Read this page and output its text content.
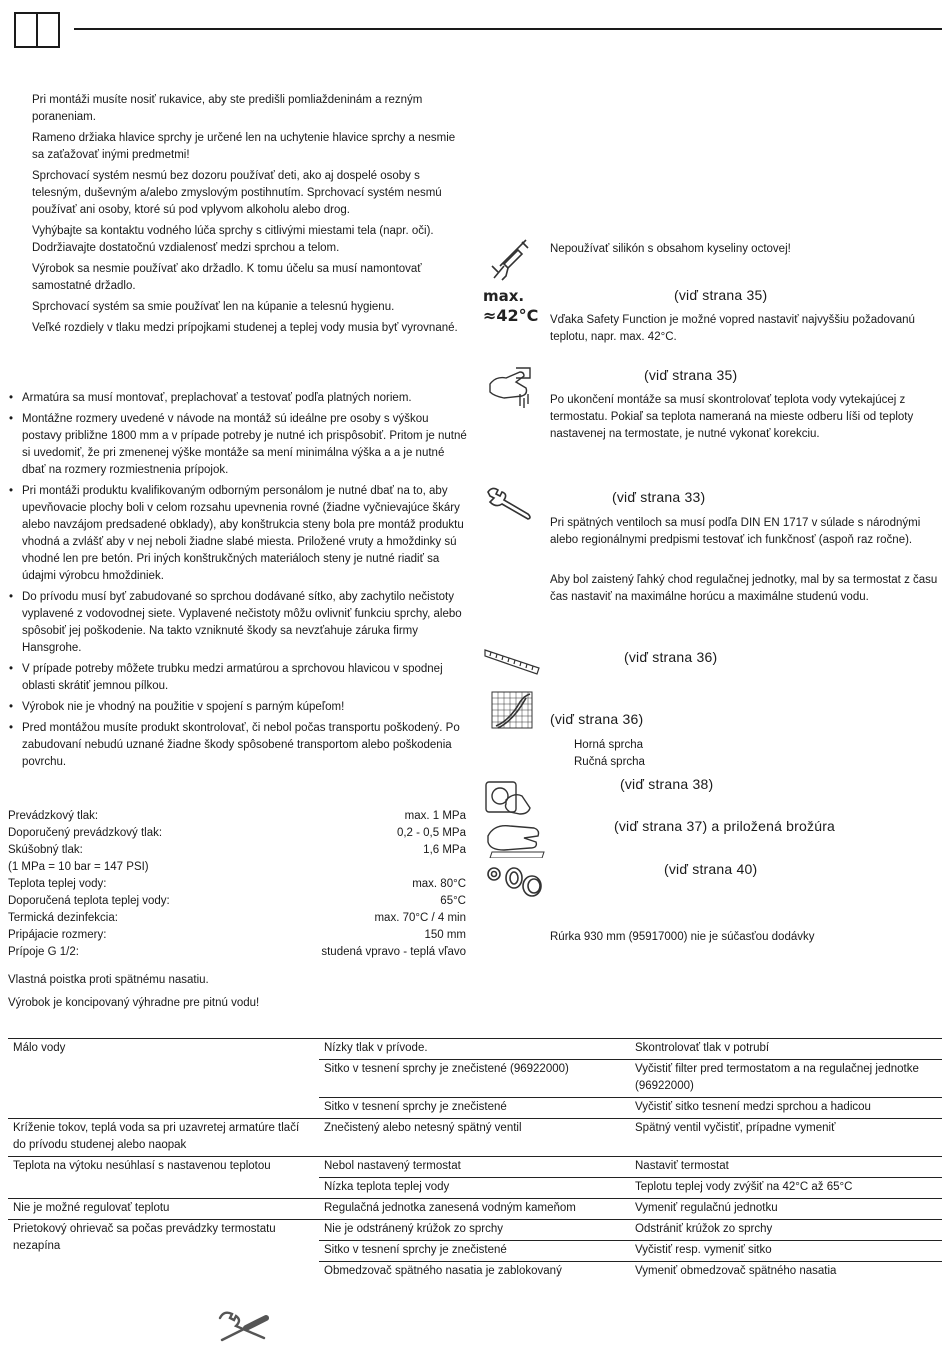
Pri montáži musíte nosiť rukavice, aby ste predišli pomliaždeninám a rezným poraneniam.

Rameno držiaka hlavice sprchy je určené len na uchytenie hlavice sprchy a nesmie sa zaťažovať inými predmetmi!

Sprchovací systém nesmú bez dozoru používať deti, ako aj dospelé osoby s telesným, duševným a/alebo zmyslovým postihnutím. Sprchovací systém nesmú používať ani osoby, ktoré sú pod vplyvom alkoholu alebo drog.

Vyhýbajte sa kontaktu vodného lúča sprchy s citlivými miestami tela (napr. oči). Dodržiavajte dostatočnú vzdialenosť medzi sprchou a telom.

Výrobok sa nesmie používať ako držadlo. K tomu účelu sa musí namontovať samostatné držadlo.

Sprchovací systém sa smie používať len na kúpanie a telesnú hygienu.

Veľké rozdiely v tlaku medzi prípojkami studenej a teplej vody musia byť vyrovnané.

• Armatúra sa musí montovať, preplachovať a testovať podľa platných noriem.
• Montážne rozmery uvedené v návode na montáž sú ideálne pre osoby s výškou postavy približne 1800 mm a v prípade potreby je nutné ich prispôsobiť. Pritom je nutné si uvedomiť, že pri zmenenej výške montáže sa mení minimálna výška a a je nutné dbať na rozmery rozmiestnenia prípojok.
• Pri montáži produktu kvalifikovaným odborným personálom je nutné dbať na to, aby upevňovacie plochy boli v celom rozsahu upevnenia rovné (žiadne vyčnievajúce škáry alebo navzájom predsadené obklady), aby konštrukcia steny bola pre montáž produktu vhodná a zvlášť aby v nej neboli žiadne slabé miesta. Priložené vruty a hmoždinky sú vhodné len pre betón. Pri iných konštrukčných materiáloch steny je nutné riadiť sa údajmi výrobcu hmoždiniek.
• Do prívodu musí byť zabudované so sprchou dodávané sítko, aby zachytilo nečistoty vyplavené z vodovodnej siete. Vyplavené nečistoty môžu ovlivniť funkciu sprchy, alebo spôsobiť jej poškodenie. Na takto vzniknuté škody sa nevzťahuje záruka firmy Hansgrohe.
• V prípade potreby môžete trubku medzi armatúrou a sprchovou hlavicou v spodnej oblasti skrátiť jemnou pílkou.
• Výrobok nie je vhodný na použitie v spojení s parným kúpeľom!
• Pred montážou musíte produkt skontrolovať, či nebol počas transportu poškodený. Po zabudovaní nebudú uznané žiadne škody spôsobené transportom alebo poškodenia povrchu.
Prevádzkový tlak:	max. 1 MPa
Doporučený prevádzkový tlak:	0,2 - 0,5 MPa
Skúšobný tlak:	1,6 MPa
(1 MPa = 10 bar = 147 PSI)
Teplota teplej vody:	max. 80°C
Doporučená teplota teplej vody:	65°C
Termická dezinfekcia:	max. 70°C / 4 min
Pripájacie rozmery:	150 mm
Prípoje G 1/2:	studená vpravo - teplá vľavo

Vlastná poistka proti spätnému nasatiu.

Výrobok je koncipovaný výhradne pre pitnú vodu!

max.
≈42°C
Nepoužívať silikón s obsahom kyseliny octovej!
(viď strana 35)
Vďaka Safety Function je možné vopred nastaviť najvyššiu požadovanú teplotu, napr. max. 42°C.
(viď strana 35)
Po ukončení montáže sa musí skontrolovať teplota vody vytekajúcej z termostatu. Pokiaľ sa teplota nameraná na mieste odberu líši od teploty nastavenej na termostate, je nutné vykonať korekciu.
(viď strana 33)
Pri spätných ventiloch sa musí podľa DIN EN 1717 v súlade s národnými alebo regionálnymi predpismi testovať ich funkčnosť (aspoň raz ročne).
Aby bol zaistený ľahký chod regulačnej jednotky, mal by sa termostat z času čas nastaviť na maximálne horúcu a maximálne studenú vodu.
(viď strana 36)
(viď strana 36)
Horná sprcha
Ručná sprcha
(viď strana 38)
(viď strana 37) a priložená brožúra
(viď strana 40)
Rúrka 930 mm (95917000) nie je súčasťou dodávky
Málo vody	Nízky tlak v prívode.	Skontrolovať tlak v potrubí
	Sitko v tesnení sprchy je znečistené (96922000)	Vyčistiť filter pred termostatom a na regulačnej jednotke (96922000)
	Sitko v tesnení sprchy je znečistené	Vyčistiť sitko tesnení medzi sprchou a hadicou
Kríženie tokov, teplá voda sa pri uzavretej armatúre tlačí do prívodu studenej alebo naopak	Znečistený alebo netesný spätný ventil	Spätný ventil vyčistiť, prípadne vymeniť
Teplota na výtoku nesúhlasí s nastavenou teplotou	Nebol nastavený termostat	Nastaviť termostat
	Nízka teplota teplej vody	Teplotu teplej vody zvýšiť na 42°C až 65°C
Nie je možné regulovať teplotu	Regulačná jednotka zanesená vodným kameňom	Vymeniť regulačnú jednotku
Prietokový ohrievač sa počas prevádzky termostatu nezapína	Nie je odstránený krúžok zo sprchy	Odstrániť krúžok zo sprchy
	Sitko v tesnení sprchy je znečistené	Vyčistiť resp. vymeniť sitko
	Obmedzovač spätného nasatia je zablokovaný	Vymeniť obmedzovač spätného nasatia
